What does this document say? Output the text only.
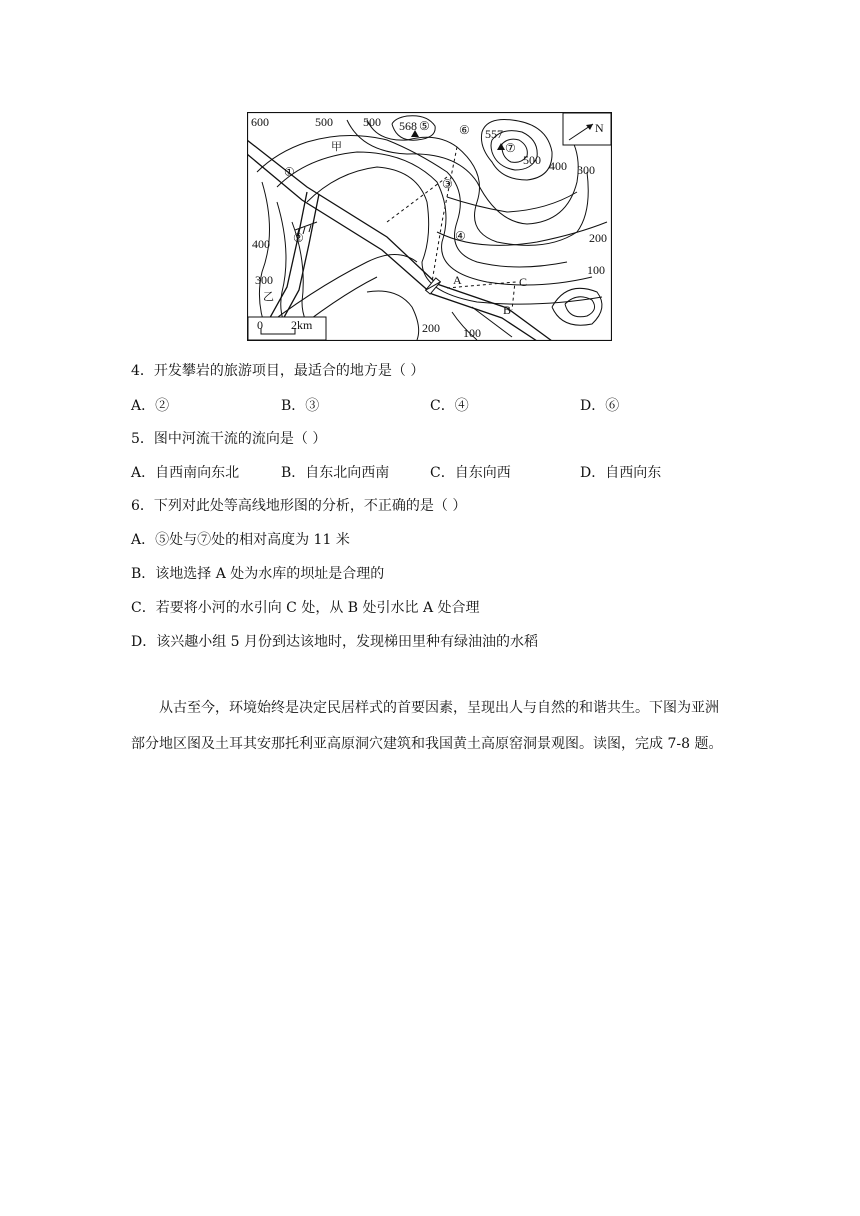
600	500	500
500 400 300
200
100
400
300
200 100
568 ⑤
557
⑦
①
②
③
④
⑥
甲
乙
A
B
C
N
0 2km
4．开发攀岩的旅游项目，最适合的地方是（ ）
A．②	B．③	C．④	D．⑥
5．图中河流干流的流向是（ ）
A．自西南向东北	B．自东北向西南	C．自东向西	D．自西向东
6．下列对此处等高线地形图的分析，不正确的是（ ）
A．⑤处与⑦处的相对高度为 11 米
B．该地选择 A 处为水库的坝址是合理的
C．若要将小河的水引向 C 处，从 B 处引水比 A 处合理
D．该兴趣小组 5 月份到达该地时，发现梯田里种有绿油油的水稻
从古至今，环境始终是决定民居样式的首要因素，呈现出人与自然的和谐共生。下图为亚洲部分地区图及土耳其安那托利亚高原洞穴建筑和我国黄土高原窑洞景观图。读图，完成 7-8 题。
